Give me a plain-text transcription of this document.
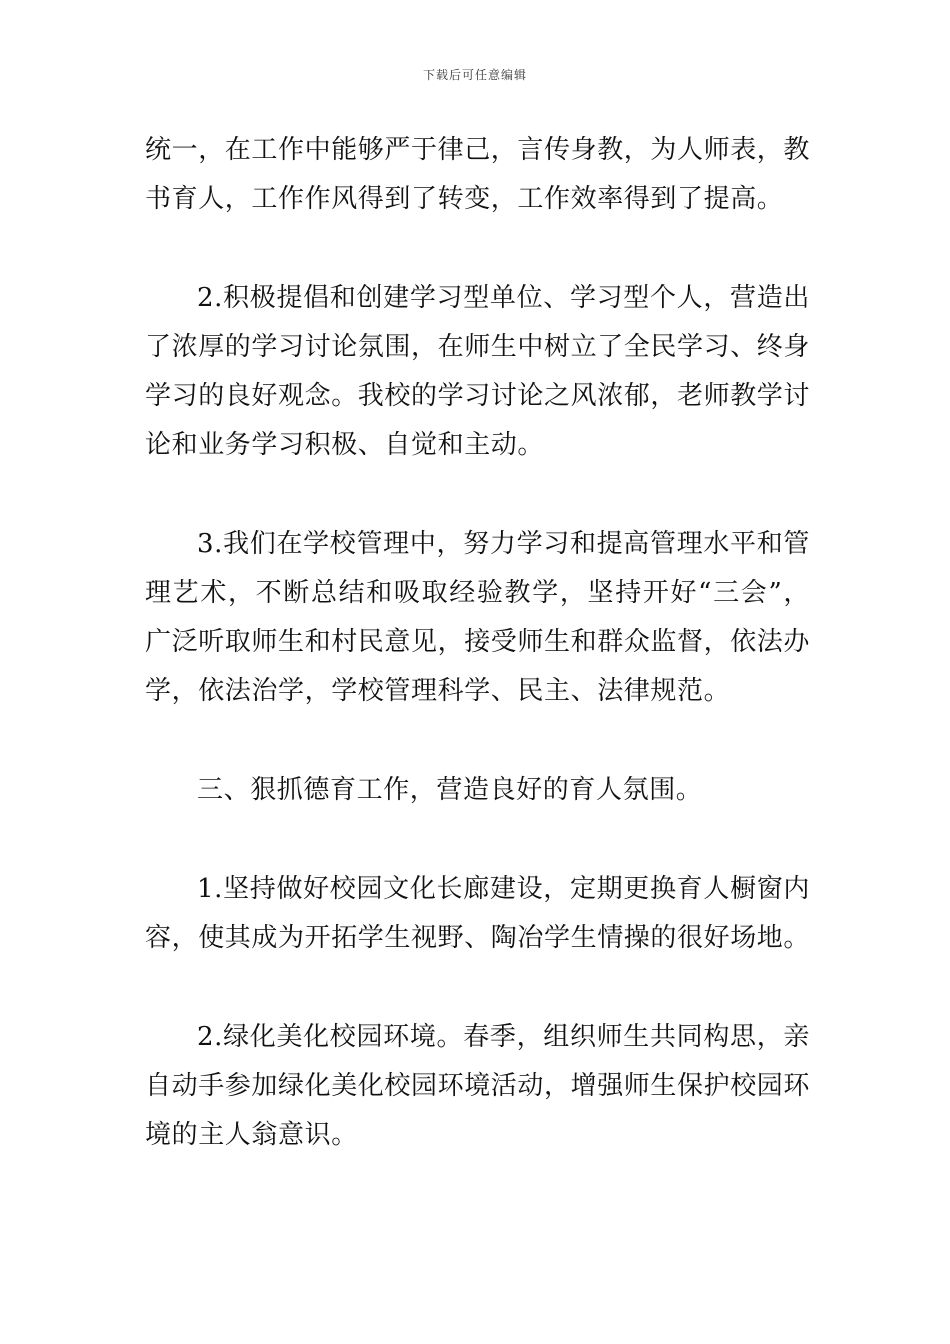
下载后可任意编辑

统一，在工作中能够严于律己，言传身教，为人师表，教书育人，工作作风得到了转变，工作效率得到了提高。

2.积极提倡和创建学习型单位、学习型个人，营造出了浓厚的学习讨论氛围，在师生中树立了全民学习、终身学习的良好观念。我校的学习讨论之风浓郁，老师教学讨论和业务学习积极、自觉和主动。

3.我们在学校管理中，努力学习和提高管理水平和管理艺术，不断总结和吸取经验教学，坚持开好“三会”，广泛听取师生和村民意见，接受师生和群众监督，依法办学，依法治学，学校管理科学、民主、法律规范。

三、狠抓德育工作，营造良好的育人氛围。

1.坚持做好校园文化长廊建设，定期更换育人橱窗内容，使其成为开拓学生视野、陶冶学生情操的很好场地。

2.绿化美化校园环境。春季，组织师生共同构思，亲自动手参加绿化美化校园环境活动，增强师生保护校园环境的主人翁意识。
